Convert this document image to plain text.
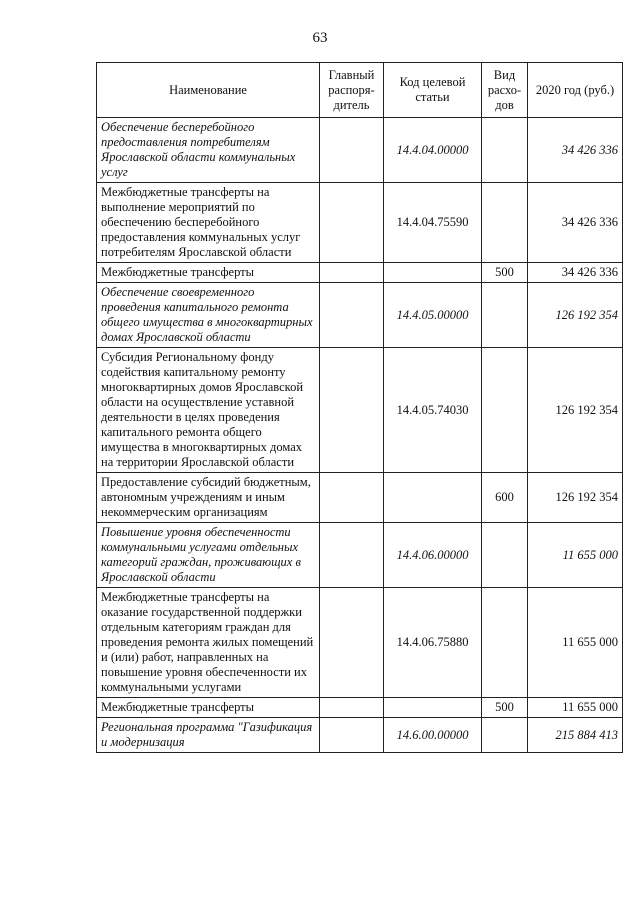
63
Наименование	Главный распоря-дитель	Код целевой статьи	Вид расхо-дов	2020 год (руб.)
Обеспечение бесперебойного предоставления потребителям Ярославской области коммунальных услуг		14.4.04.00000		34 426 336
Межбюджетные трансферты на выполнение мероприятий по обеспечению бесперебойного предоставления коммунальных услуг потребителям Ярославской области		14.4.04.75590		34 426 336
Межбюджетные трансферты			500	34 426 336
Обеспечение своевременного проведения капитального ремонта общего имущества в многоквартирных домах Ярославской области		14.4.05.00000		126 192 354
Субсидия Региональному фонду содействия капитальному ремонту многоквартирных домов Ярославской области на осуществление уставной деятельности в целях проведения капитального ремонта общего имущества в многоквартирных домах на территории Ярославской области		14.4.05.74030		126 192 354
Предоставление субсидий бюджетным, автономным учреждениям и иным некоммерческим организациям			600	126 192 354
Повышение уровня обеспеченности коммунальными услугами отдельных категорий граждан, проживающих в Ярославской области		14.4.06.00000		11 655 000
Межбюджетные трансферты на оказание государственной поддержки отдельным категориям граждан для проведения ремонта жилых помещений и (или) работ, направленных на повышение уровня обеспеченности их коммунальными услугами		14.4.06.75880		11 655 000
Межбюджетные трансферты			500	11 655 000
Региональная программа "Газификация и модернизация		14.6.00.00000		215 884 413
